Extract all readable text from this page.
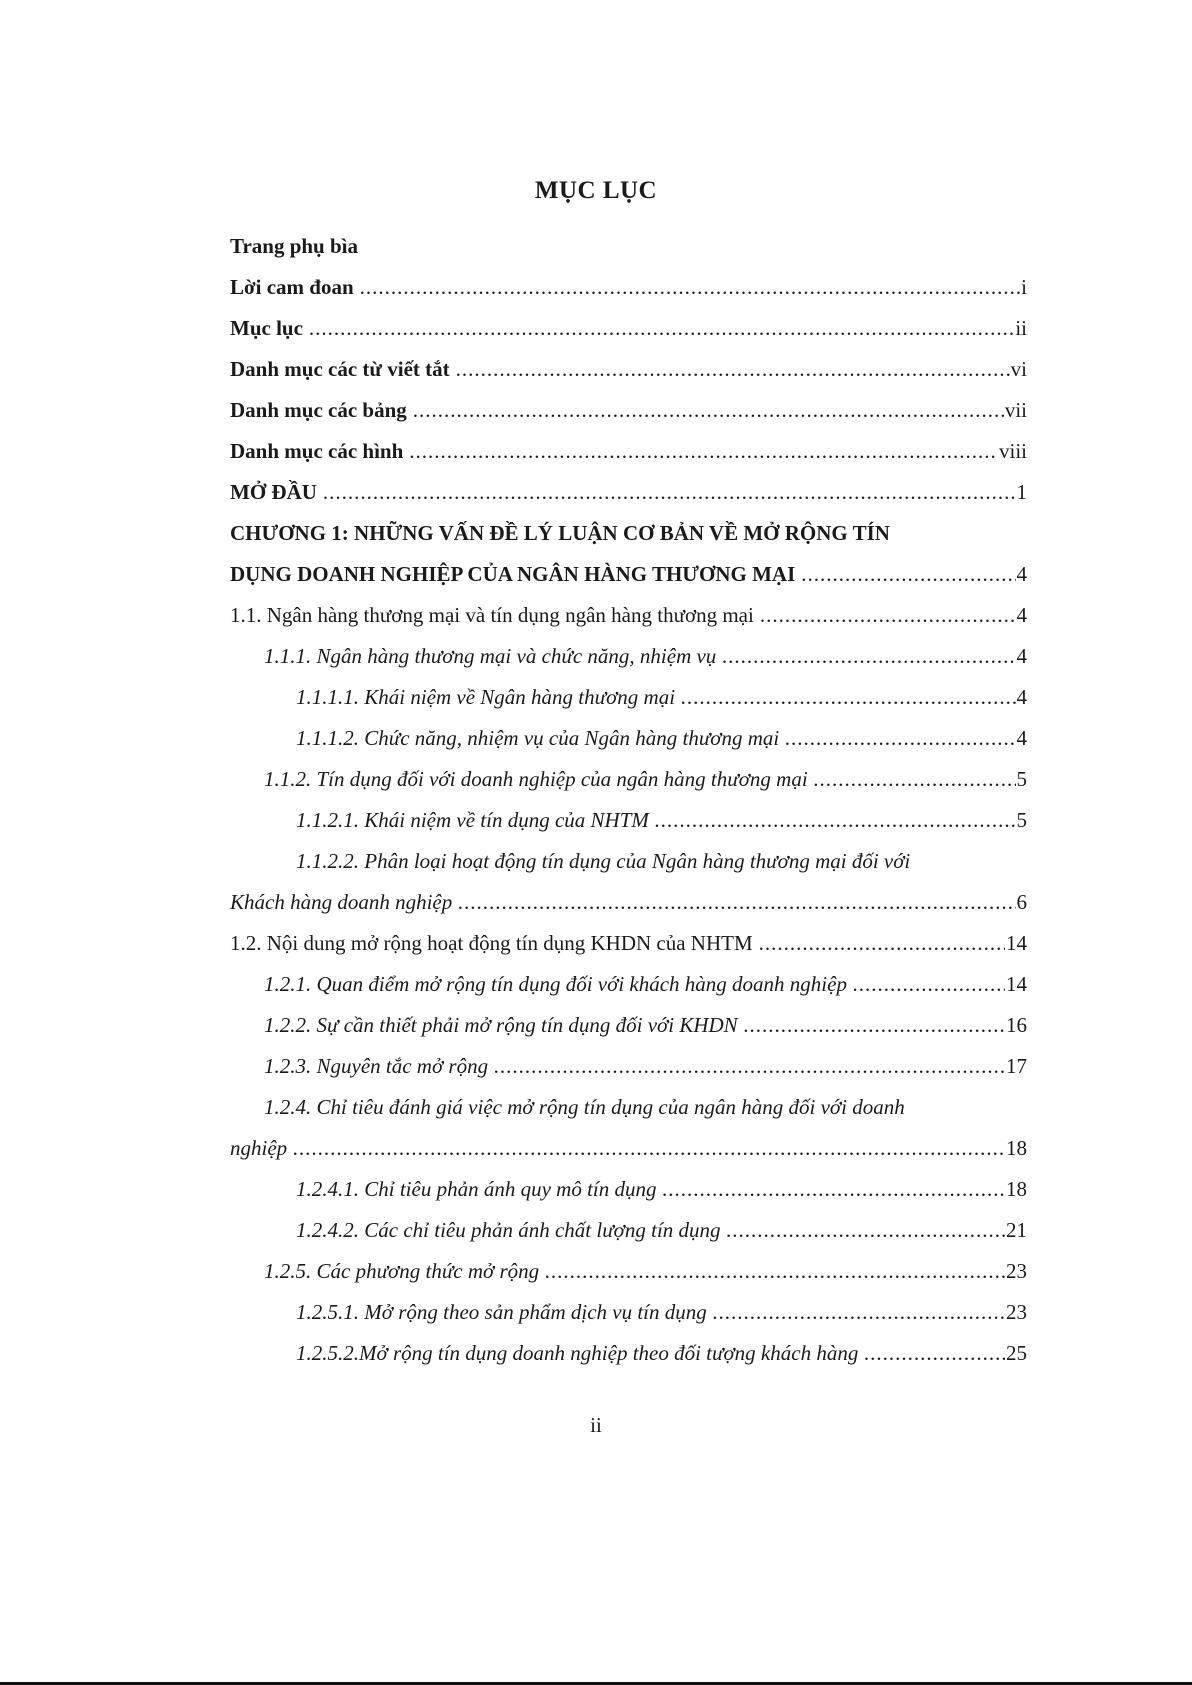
MỤC LỤC
Trang phụ bìa
Lời cam đoan .....	i
Mục lục .....	ii
Danh mục các từ viết tắt .....	vi
Danh mục các bảng .....	vii
Danh mục các hình .....	viii
MỞ ĐẦU .....	1
CHƯƠNG 1: NHỮNG VẤN ĐỀ LÝ LUẬN CƠ BẢN VỀ MỞ RỘNG TÍN
DỤNG DOANH NGHIỆP CỦA NGÂN HÀNG THƯƠNG MẠI .....	4
1.1. Ngân hàng thương mại và tín dụng ngân hàng thương mại .....	4
1.1.1. Ngân hàng thương mại và chức năng, nhiệm vụ .....	4
1.1.1.1. Khái niệm về Ngân hàng thương mại .....	4
1.1.1.2. Chức năng, nhiệm vụ của Ngân hàng thương mại .....	4
1.1.2. Tín dụng đối với doanh nghiệp của ngân hàng thương mại .....	5
1.1.2.1. Khái niệm về tín dụng của NHTM .....	5
1.1.2.2. Phân loại hoạt động tín dụng của Ngân hàng thương mại đối với
Khách hàng doanh nghiệp .....	6
1.2. Nội dung mở rộng hoạt động tín dụng KHDN của NHTM .....	14
1.2.1. Quan điểm mở rộng tín dụng đối với khách hàng doanh nghiệp .....	14
1.2.2. Sự cần thiết phải mở rộng tín dụng đối với KHDN .....	16
1.2.3. Nguyên tắc mở rộng .....	17
1.2.4. Chỉ tiêu đánh giá việc mở rộng tín dụng của ngân hàng đối với doanh
nghiệp .....	18
1.2.4.1. Chỉ tiêu phản ánh quy mô tín dụng .....	18
1.2.4.2. Các chỉ tiêu phản ánh chất lượng tín dụng .....	21
1.2.5. Các phương thức mở rộng .....	23
1.2.5.1. Mở rộng theo sản phẩm dịch vụ tín dụng .....	23
1.2.5.2.Mở rộng tín dụng doanh nghiệp theo đối tượng khách hàng .....	25
ii
